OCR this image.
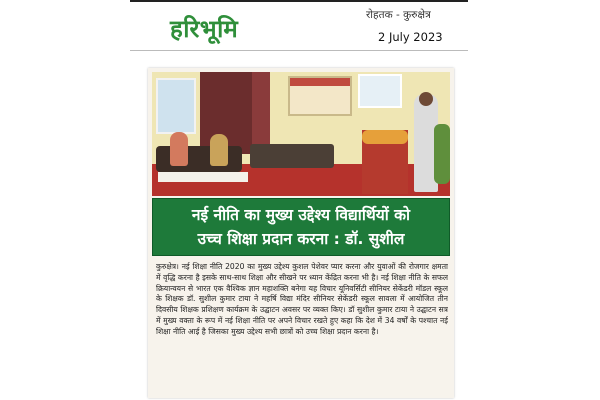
हरिभूमि	रोहतक - कुरुक्षेत्र
2 July 2023
नई नीति का मुख्य उद्देश्य विद्यार्थियों को
उच्च शिक्षा प्रदान करना : डॉ. सुशील
कुरुक्षेत्र। नई शिक्षा नीति 2020 का मुख्य उद्देश्य कुशल पेशेवर प्यार करना और युवाओं की रोजगार क्षमता में वृद्धि करना है इसके साथ-साथ शिक्षा और सीखने पर ध्यान केंद्रित करना भी है। नई शिक्षा नीति के सफल क्रियान्वयन से भारत एक वैश्विक ज्ञान महाशक्ति बनेगा यह विचार यूनिवर्सिटी सीनियर सेकेंडरी मॉडल स्कूल के शिक्षक डॉ. सुशील कुमार टाया ने महर्षि विद्या मंदिर सीनियर सेकेंडरी स्कूल सावला में आयोजित तीन दिवसीय शिक्षक प्रशिक्षण कार्यक्रम के उद्घाटन अवसर पर व्यक्त किए। डॉ सुशील कुमार टाया ने उद्घाटन सत्र में मुख्य वक्ता के रूप में नई शिक्षा नीति पर अपने विचार रखते हुए कहा कि देश में 34 वर्षों के पश्चात नई शिक्षा नीति आई है जिसका मुख्य उद्देश्य सभी छात्रों को उच्च शिक्षा प्रदान करना है।
